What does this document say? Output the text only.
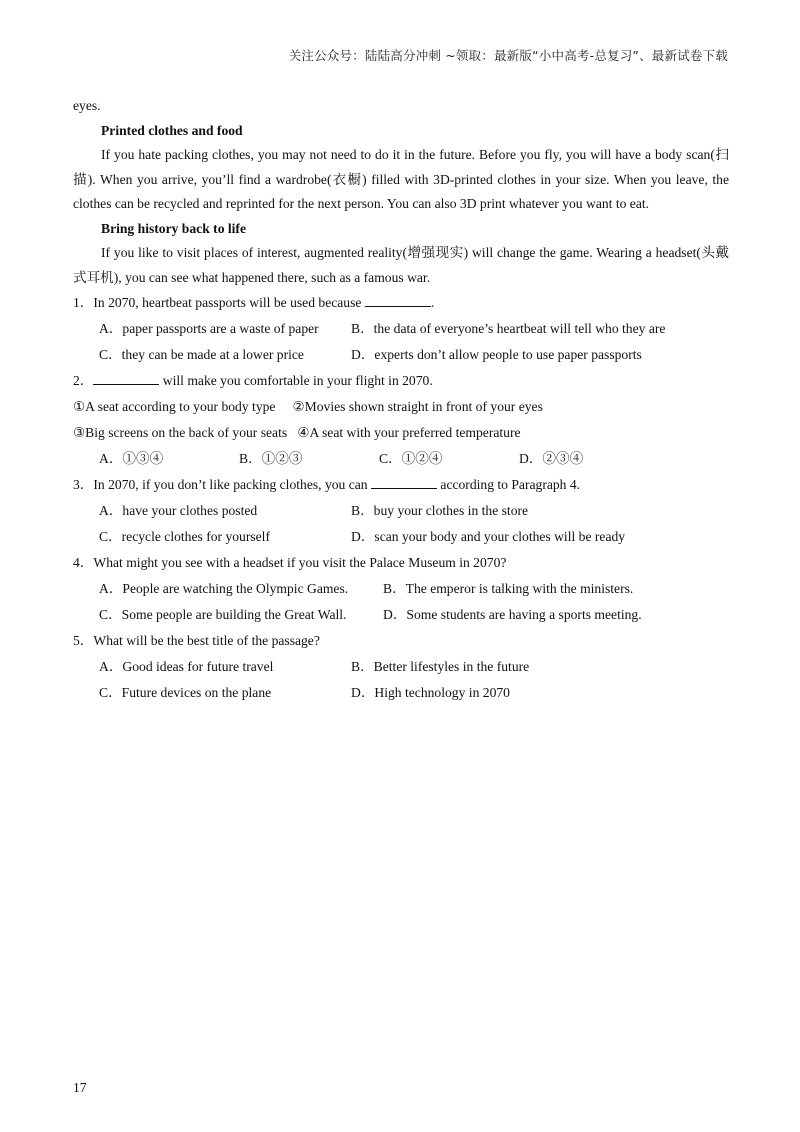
关注公众号：陆陆高分冲刺 ~领取：最新版“小中高考-总复习”、最新试卷下载

eyes.

Printed clothes and food

If you hate packing clothes, you may not need to do it in the future. Before you fly, you will have a body scan(扫描). When you arrive, you’ll find a wardrobe(衣橱) filled with 3D-printed clothes in your size. When you leave, the clothes can be recycled and reprinted for the next person. You can also 3D print whatever you want to eat.

Bring history back to life

If you like to visit places of interest, augmented reality(增强现实) will change the game. Wearing a headset(头戴式耳机), you can see what happened there, such as a famous war.

1．In 2070, heartbeat passports will be used because	.

A．paper passports are a waste of paper	B．the data of everyone’s heartbeat will tell who they are
C．they can be made at a lower price	D．experts don’t allow people to use paper passports

2．	will make you comfortable in your flight in 2070.

①A seat according to your body type ②Movies shown straight in front of your eyes

③Big screens on the back of your seats ④A seat with your preferred temperature

A．①③④	B．①②③	C．①②④	D．②③④

3．In 2070, if you don’t like packing clothes, you can	according to Paragraph 4.

A．have your clothes posted	B．buy your clothes in the store
C．recycle clothes for yourself	D．scan your body and your clothes will be ready

4．What might you see with a headset if you visit the Palace Museum in 2070?

A．People are watching the Olympic Games.	B．The emperor is talking with the ministers.
C．Some people are building the Great Wall.	D．Some students are having a sports meeting.

5．What will be the best title of the passage?

A．Good ideas for future travel	B．Better lifestyles in the future
C．Future devices on the plane	D．High technology in 2070
17
